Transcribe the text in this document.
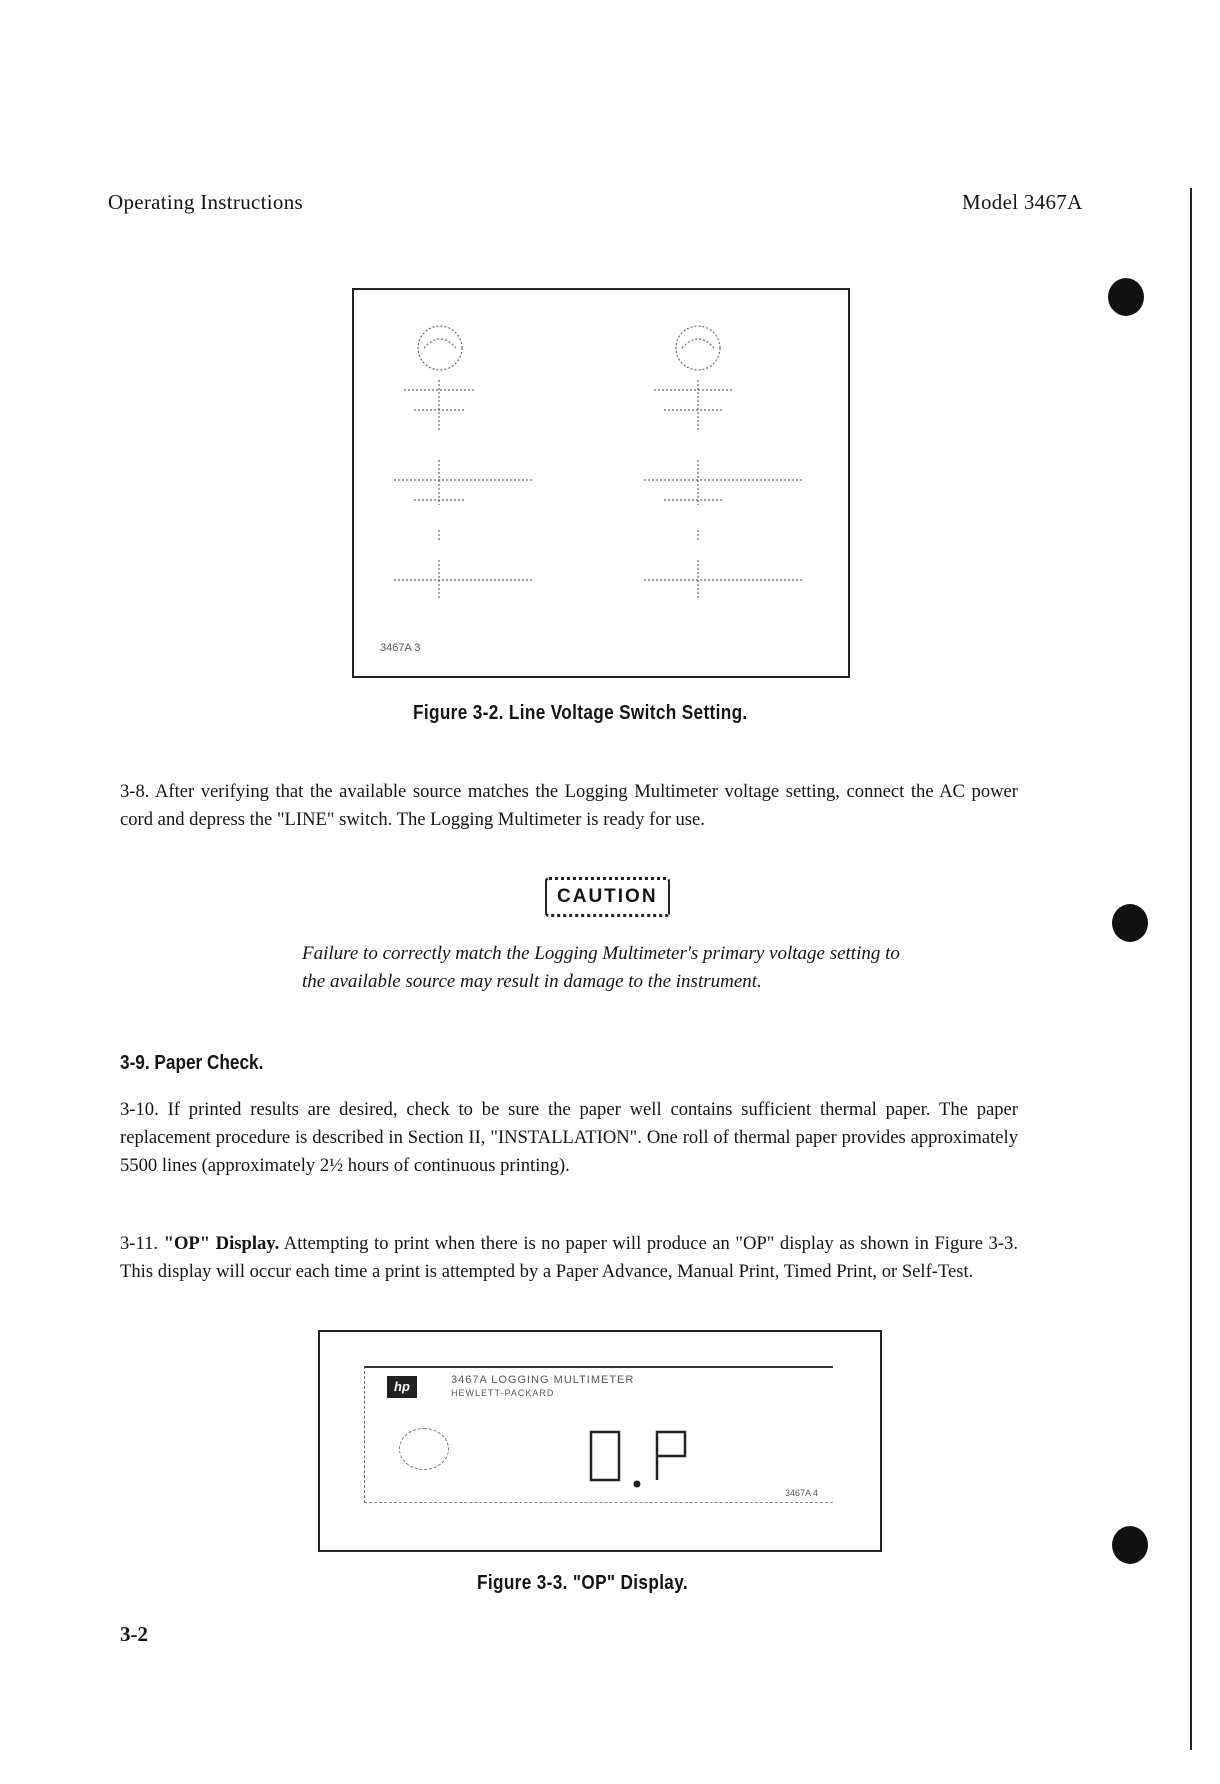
Operating Instructions	Model 3467A
3467A 3
Figure 3-2. Line Voltage Switch Setting.
3-8. After verifying that the available source matches the Logging Multimeter voltage setting, connect the AC power cord and depress the "LINE" switch. The Logging Multimeter is ready for use.
CAUTION
Failure to correctly match the Logging Multimeter's primary voltage setting to the available source may result in damage to the instrument.
3-9. Paper Check.
3-10. If printed results are desired, check to be sure the paper well contains sufficient thermal paper. The paper replacement procedure is described in Section II, "INSTALLATION". One roll of thermal paper provides approximately 5500 lines (approximately 2½ hours of continuous printing).
3-11. "OP" Display. Attempting to print when there is no paper will produce an "OP" display as shown in Figure 3-3. This display will occur each time a print is attempted by a Paper Advance, Manual Print, Timed Print, or Self-Test.
hp	3467A LOGGING MULTIMETER
HEWLETT-PACKARD
0.P	3467A 4
Figure 3-3. "OP" Display.
3-2
